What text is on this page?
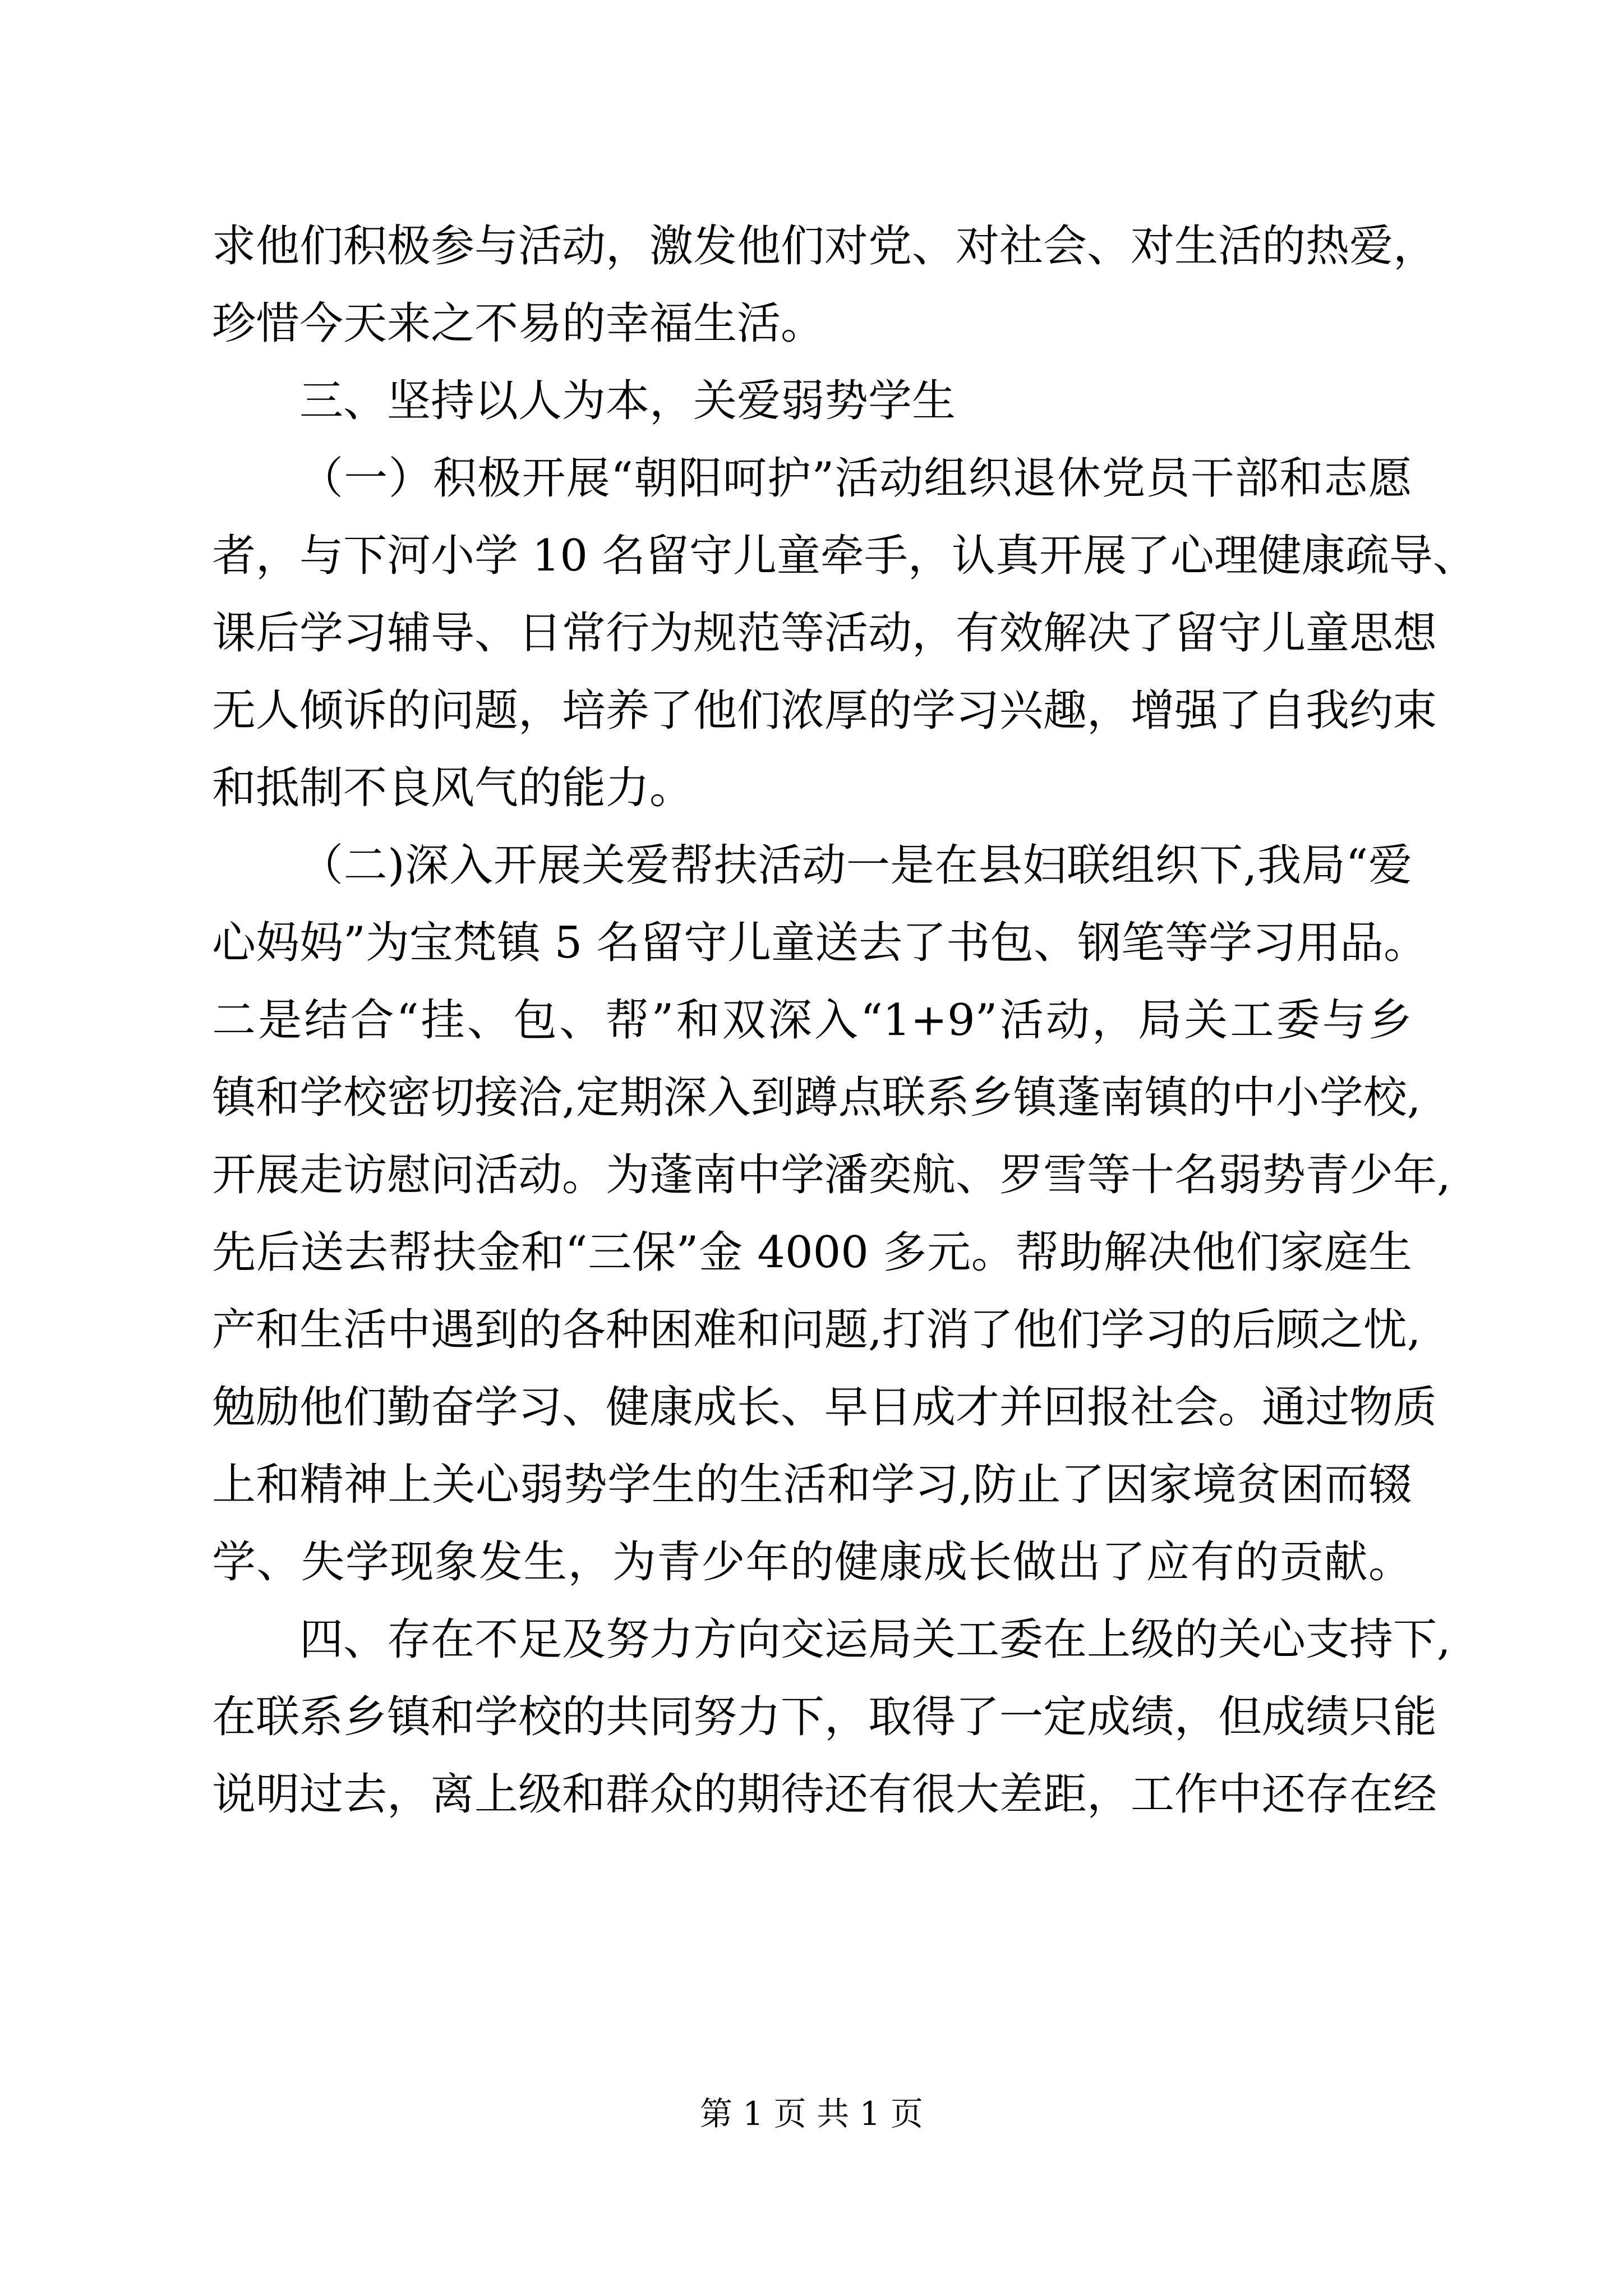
求他们积极参与活动，激发他们对党、对社会、对生活的热爱，
珍惜今天来之不易的幸福生活。
三、坚持以人为本，关爱弱势学生
（一）积极开展“朝阳呵护”活动组织退休党员干部和志愿
者，与下河小学 10 名留守儿童牵手，认真开展了心理健康疏导、
课后学习辅导、日常行为规范等活动，有效解决了留守儿童思想
无人倾诉的问题，培养了他们浓厚的学习兴趣，增强了自我约束
和抵制不良风气的能力。
（二)深入开展关爱帮扶活动一是在县妇联组织下,我局“爱
心妈妈”为宝梵镇 5 名留守儿童送去了书包、钢笔等学习用品。
二是结合“挂、包、帮”和双深入“1+9”活动，局关工委与乡
镇和学校密切接洽,定期深入到蹲点联系乡镇蓬南镇的中小学校,
开展走访慰问活动。为蓬南中学潘奕航、罗雪等十名弱势青少年,
先后送去帮扶金和“三保”金 4000 多元。帮助解决他们家庭生
产和生活中遇到的各种困难和问题,打消了他们学习的后顾之忧,
勉励他们勤奋学习、健康成长、早日成才并回报社会。通过物质
上和精神上关心弱势学生的生活和学习,防止了因家境贫困而辍
学、失学现象发生，为青少年的健康成长做出了应有的贡献。
四、存在不足及努力方向交运局关工委在上级的关心支持下,
在联系乡镇和学校的共同努力下，取得了一定成绩，但成绩只能
说明过去，离上级和群众的期待还有很大差距，工作中还存在经
第 1 页 共 1 页
